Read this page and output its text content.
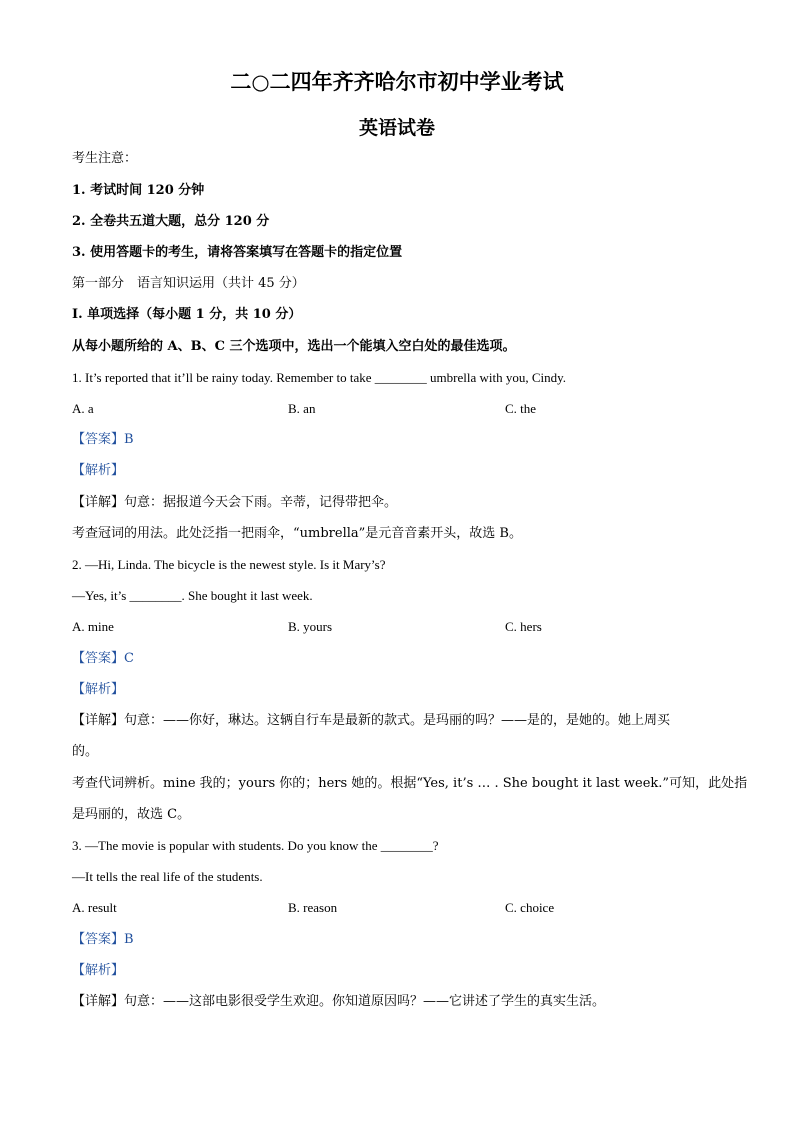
二○二四年齐齐哈尔市初中学业考试
英语试卷
考生注意：
1. 考试时间 120 分钟
2. 全卷共五道大题，总分 120 分
3. 使用答题卡的考生，请将答案填写在答题卡的指定位置
第一部分　语言知识运用（共计 45 分）
I. 单项选择（每小题 1 分，共 10 分）
从每小题所给的 A、B、C 三个选项中，选出一个能填入空白处的最佳选项。
1. It’s reported that it’ll be rainy today. Remember to take ________ umbrella with you, Cindy.
A. a	B. an	C. the
【答案】B
【解析】
【详解】句意：据报道今天会下雨。辛蒂，记得带把伞。
考查冠词的用法。此处泛指一把雨伞，“umbrella”是元音音素开头，故选 B。
2. —Hi, Linda. The bicycle is the newest style. Is it Mary’s?
—Yes, it’s ________. She bought it last week.
A. mine	B. yours	C. hers
【答案】C
【解析】
【详解】句意：——你好，琳达。这辆自行车是最新的款式。是玛丽的吗？——是的，是她的。她上周买
的。
考查代词辨析。mine 我的；yours 你的；hers 她的。根据“Yes, it’s … . She bought it last week.”可知，此处指
是玛丽的，故选 C。
3. —The movie is popular with students. Do you know the ________?
—It tells the real life of the students.
A. result	B. reason	C. choice
【答案】B
【解析】
【详解】句意：——这部电影很受学生欢迎。你知道原因吗？——它讲述了学生的真实生活。
